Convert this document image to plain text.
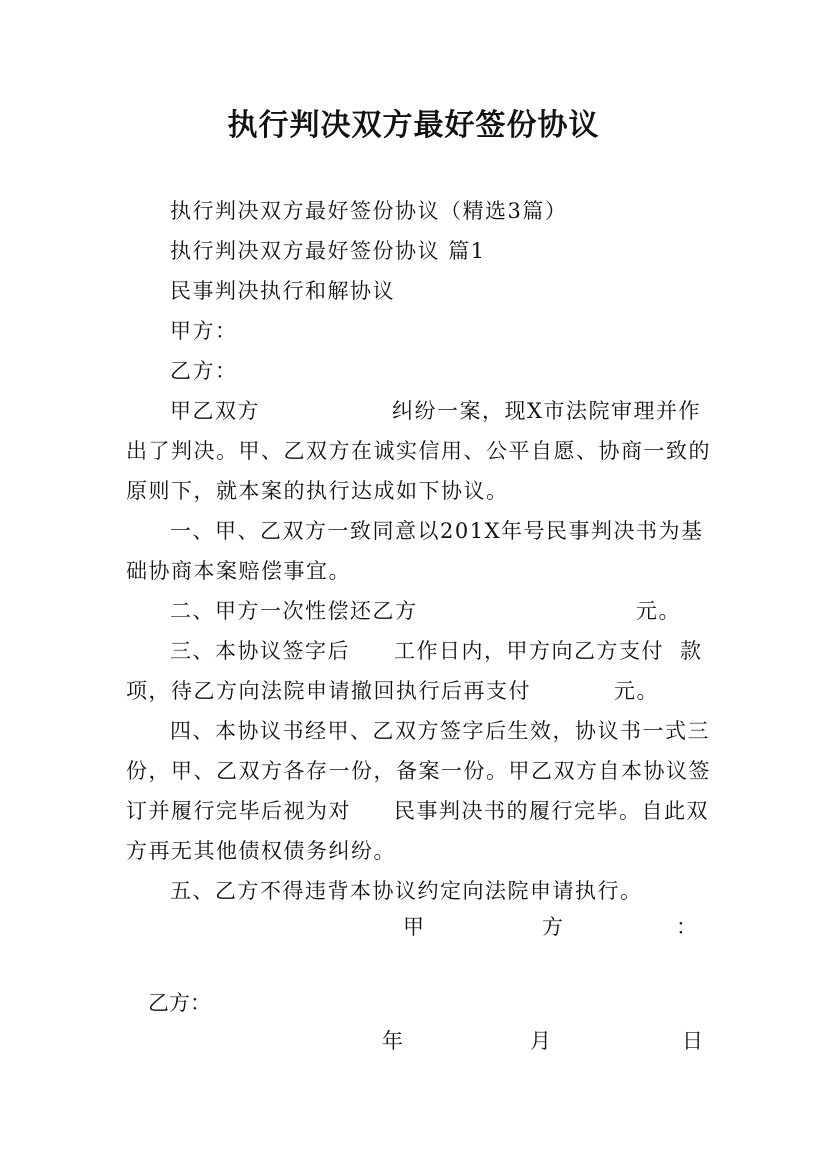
执行判决双方最好签份协议
执行判决双方最好签份协议（精选3篇）
执行判决双方最好签份协议 篇1
民事判决执行和解协议
甲方：
乙方：
甲乙双方	纠纷一案，现X市法院审理并作
出了判决。甲、乙双方在诚实信用、公平自愿、协商一致的
原则下，就本案的执行达成如下协议。
一、甲、乙双方一致同意以201X年号民事判决书为基
础协商本案赔偿事宜。
二、甲方一次性偿还乙方	元。
三、本协议签字后 工作日内，甲方向乙方支付 款
项，待乙方向法院申请撤回执行后再支付	元。
四、本协议书经甲、乙双方签字后生效，协议书一式三
份，甲、乙双方各存一份，备案一份。甲乙双方自本协议签
订并履行完毕后视为对 民事判决书的履行完毕。自此双
方再无其他债权债务纠纷。
五、乙方不得违背本协议约定向法院申请执行。
甲	方	：
乙方：
年	月	日
